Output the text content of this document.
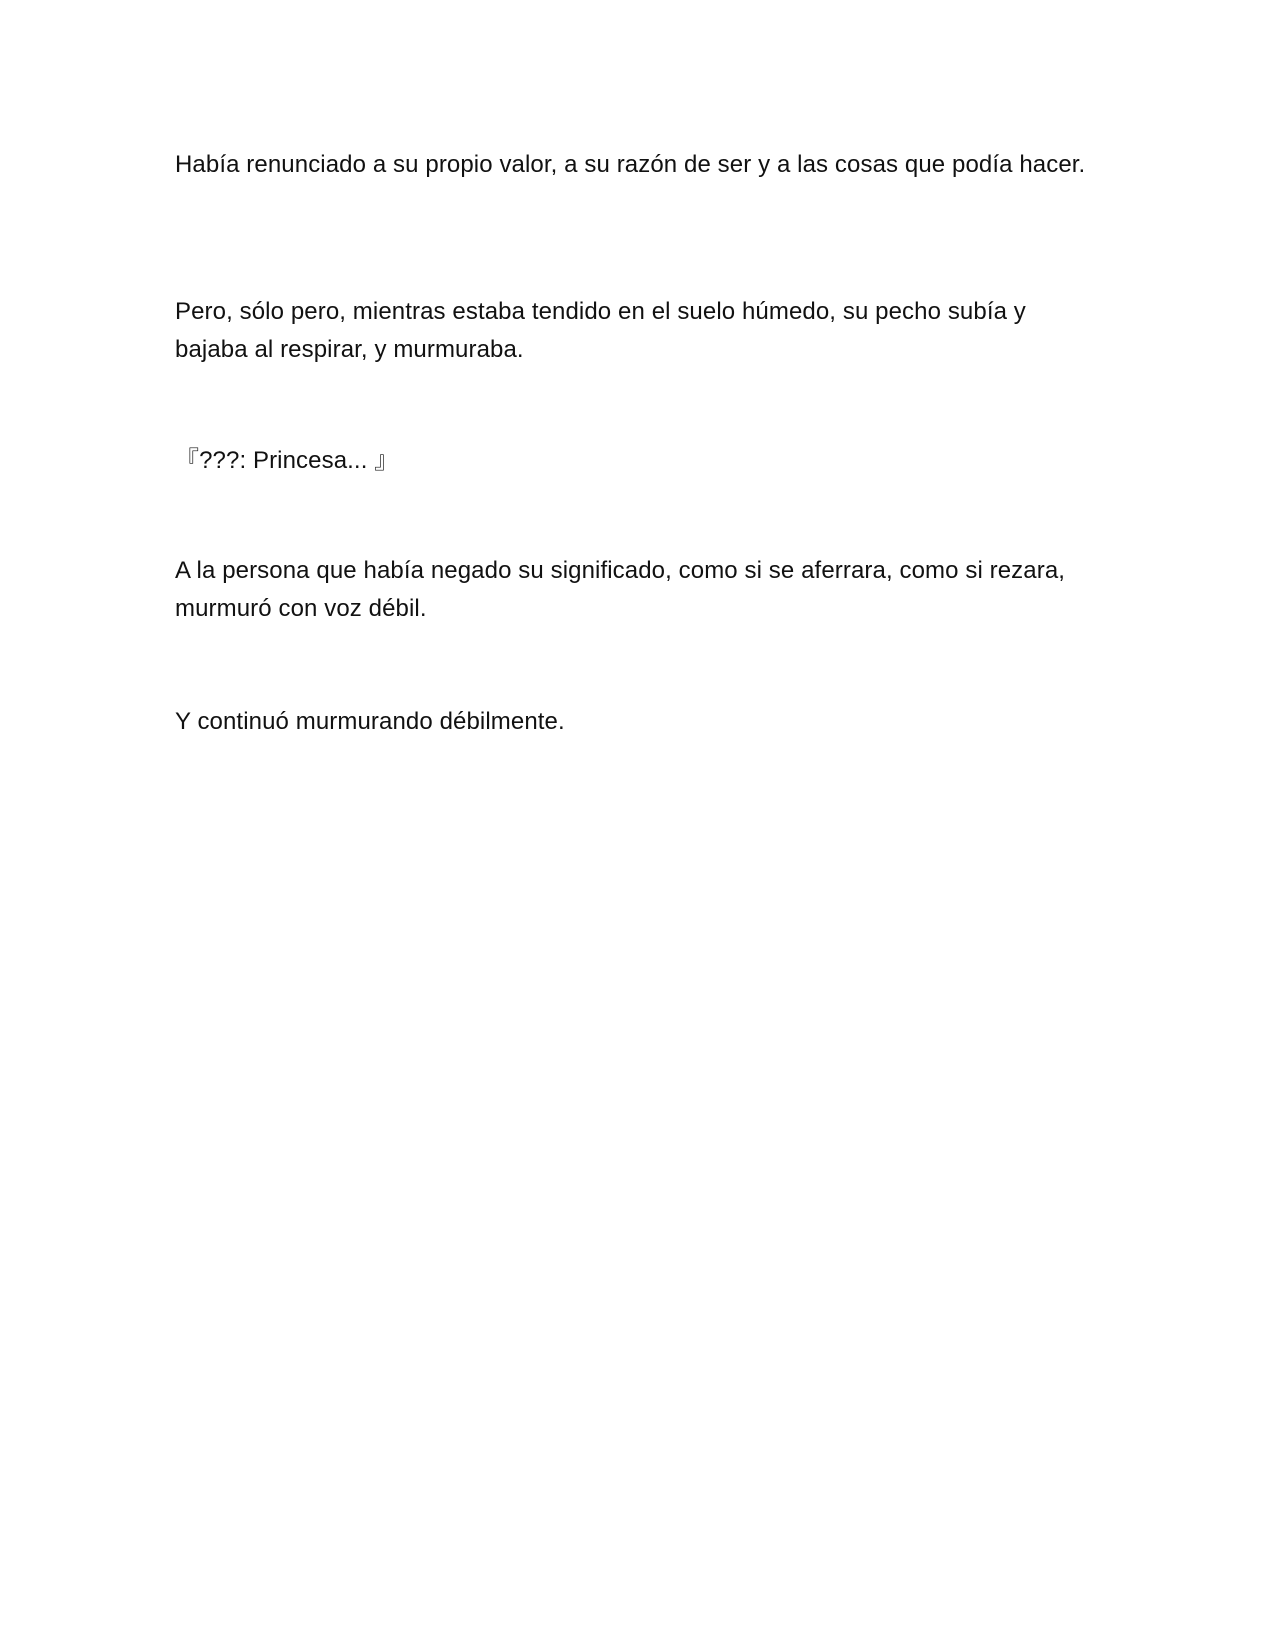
Había renunciado a su propio valor, a su razón de ser y a las cosas que podía hacer.

Pero, sólo pero, mientras estaba tendido en el suelo húmedo, su pecho subía y bajaba al respirar, y murmuraba.

『???: Princesa... 』

A la persona que había negado su significado, como si se aferrara, como si rezara, murmuró con voz débil.

Y continuó murmurando débilmente.
